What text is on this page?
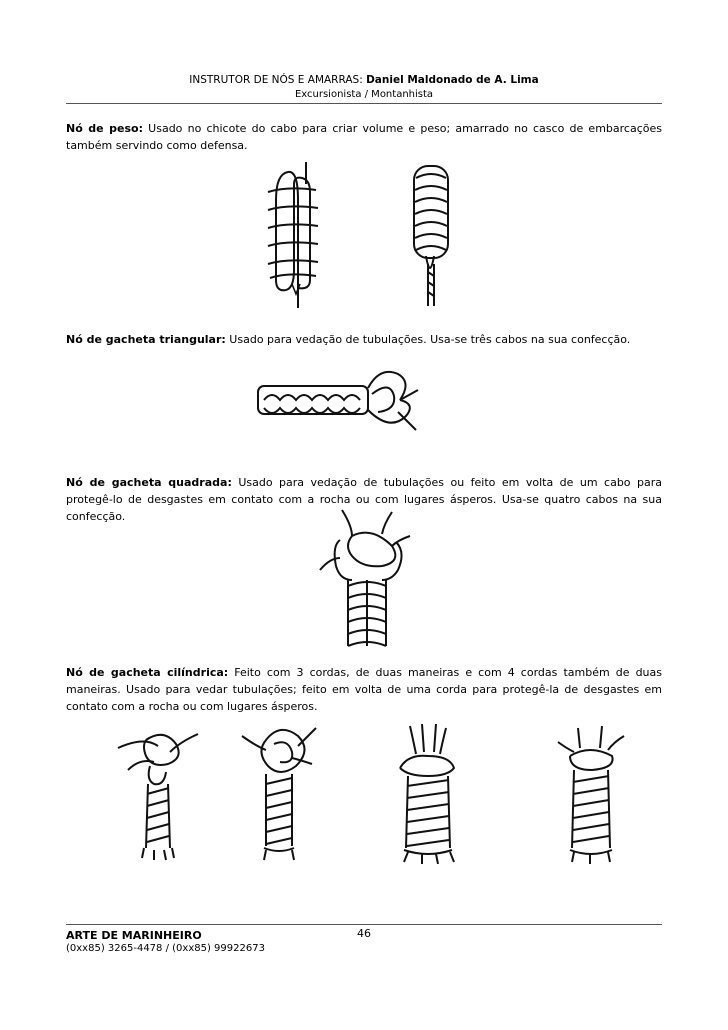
INSTRUTOR DE NÓS E AMARRAS: Daniel Maldonado de A. Lima
Excursionista / Montanhista
Nó de peso: Usado no chicote do cabo para criar volume e peso; amarrado no casco de embarcações também servindo como defensa.
Nó de gacheta triangular: Usado para vedação de tubulações. Usa-se três cabos na sua confecção.
Nó de gacheta quadrada: Usado para vedação de tubulações ou feito em volta de um cabo para protegê-lo de desgastes em contato com a rocha ou com lugares ásperos. Usa-se quatro cabos na sua confecção.
Nó de gacheta cilíndrica: Feito com 3 cordas, de duas maneiras e com 4 cordas também de duas maneiras. Usado para vedar tubulações; feito em volta de uma corda para protegê-la de desgastes em contato com a rocha ou com lugares ásperos.
ARTE DE MARINHEIRO	46
(0xx85) 3265-4478 / (0xx85) 99922673
